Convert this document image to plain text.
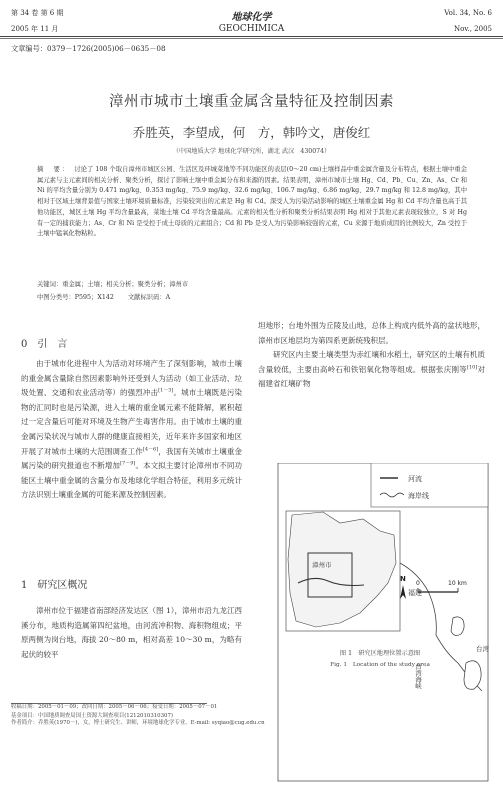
第 34 卷 第 6 期
2005 年 11 月
地球化学
GEOCHIMICA
Vol. 34, No. 6
Nov., 2005
文章编号：0379－1726(2005)06－0635－08
漳州市城市土壤重金属含量特征及控制因素
乔胜英，李望成，何　方，韩吟文，唐俊红
（中国地质大学 地球化学研究所，湖北 武汉　430074）
摘　要： 讨论了 108 个取自漳州市城区公园、生活区及环城菜地等不同功能区的表层(0～20 cm)土壤样品中重金属含量及分布特点，根据土壤中重金属元素与主元素间的相关分析、聚类分析，探讨了影响土壤中重金属分布和来源的因素。结果表明，漳州市城市土壤 Hg、Cd、Pb、Cu、Zn、As、Cr 和 Ni 的平均含量分别为 0.471 mg/kg、0.353 mg/kg、75.9 mg/kg、32.6 mg/kg、106.7 mg/kg、6.86 mg/kg、29.7 mg/kg 和 12.8 mg/kg，其中相对于区域土壤背景值与国家土壤环境质量标准，污染较突出的元素是 Hg 和 Cd。深受人为污染活动影响的城区土壤重金属 Hg 和 Cd 平均含量也高于其他功能区，城区土壤 Hg 平均含量最高，菜地土壤 Cd 平均含量最高。元素的相关性分析和聚类分析结果表明 Hg 相对于其他元素表现较独立，S 对 Hg 有一定的捕获能力；As、Cr 和 Ni 是受控于成土母质的元素组合；Cd 和 Pb 是受人为污染影响较强的元素，Cu 来源于地质成因的比例较大，Zn 受控于土壤中锰氧化物粘粒。
关键词：重金属；土壤；相关分析；聚类分析；漳州市
中图分类号：P595；X142 文献标识码：A
0 引　言

由于城市化进程中人为活动对环境产生了深刻影响，城市土壤的重金属含量除自然因素影响外还受到人为活动（如工业活动、垃圾处置、交通和农业活动等）的强烈冲击[1－3]。城市土壤既是污染物的汇同时也是污染源，进入土壤的重金属元素不能降解，累积超过一定含量后可能对环境及生物产生毒害作用。由于城市土壤的重金属污染状况与城市人群的健康直接相关，近年来许多国家和地区开展了对城市土壤的大范围调查工作[4－6]，我国有关城市土壤重金属污染的研究报道也不断增加[7－9]。本文拟主要讨论漳州市不同功能区土壤中重金属的含量分布及地球化学组合特征，利用多元统计方法识别土壤重金属的可能来源及控制因素。

1 研究区概况

漳州市位于福建省南部经济发达区（图 1），漳州市沿九龙江西溪分布，地质构造属第四纪盆地，由河流冲积物、海积物组成；平原两侧为岗台地，海拔 20～80 m，相对高差 10～30 m，为略有起伏的较平

坦地形；台地外围为丘陵及山地，总体上构成内低外高的盆状地形，漳州市区地层均为第四系更新统残积层。

研究区内主要土壤类型为赤红壤和水稻土，研究区的土壤有机质含量较低，主要由高岭石和铁铝氧化物等组成。根据张庆刚等[10]对福建省红壤矿物

河流
海岸线
漳州市
福建
台湾
台湾海峡
N
0	10 km
图 1　研究区地理位置示意图
Fig. 1　Location of the study area
收稿日期：2005－01－09；改回日期：2005－06－06；接受日期：2005－07－01
基金项目：中国地质调查局国土资源大调查项目(1212010310307)
作者简介：乔胜英(1970－)，女，博士研究生、讲师，环境地球化学专业。E-mail: syqiao@cug.edu.cn
